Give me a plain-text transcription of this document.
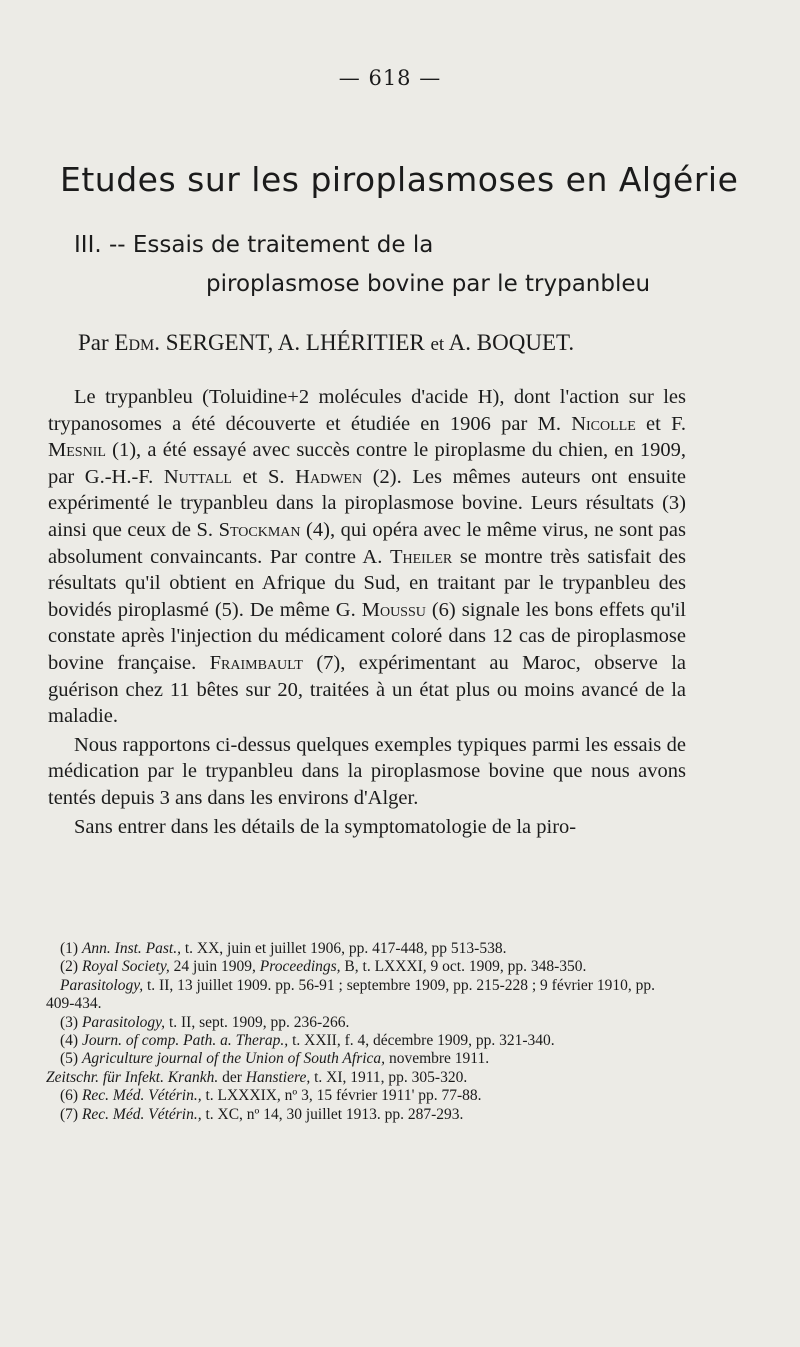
— 618 —
Etudes sur les piroplasmoses en Algérie
III. -- Essais de traitement de la
piroplasmose bovine par le trypanbleu
Par Edm. SERGENT, A. LHÉRITIER et A. BOQUET.

Le trypanbleu (Toluidine+2 molécules d'acide H), dont l'action sur les trypanosomes a été découverte et étudiée en 1906 par M. Nicolle et F. Mesnil (1), a été essayé avec succès contre le piroplasme du chien, en 1909, par G.-H.-F. Nuttall et S. Hadwen (2). Les mêmes auteurs ont ensuite expérimenté le trypanbleu dans la piroplasmose bovine. Leurs résultats (3) ainsi que ceux de S. Stockman (4), qui opéra avec le même virus, ne sont pas absolument convaincants. Par contre A. Theiler se montre très satisfait des résultats qu'il obtient en Afrique du Sud, en traitant par le trypanbleu des bovidés piroplasmé (5). De même G. Moussu (6) signale les bons effets qu'il constate après l'injection du médicament coloré dans 12 cas de piroplasmose bovine française. Fraimbault (7), expérimentant au Maroc, observe la guérison chez 11 bêtes sur 20, traitées à un état plus ou moins avancé de la maladie.

Nous rapportons ci-dessus quelques exemples typiques parmi les essais de médication par le trypanbleu dans la piroplasmose bovine que nous avons tentés depuis 3 ans dans les environs d'Alger.

Sans entrer dans les détails de la symptomatologie de la piro-

(1) Ann. Inst. Past., t. XX, juin et juillet 1906, pp. 417-448, pp 513-538.

(2) Royal Society, 24 juin 1909, Proceedings, B, t. LXXXI, 9 oct. 1909, pp. 348-350.

Parasitology, t. II, 13 juillet 1909. pp. 56-91 ; septembre 1909, pp. 215-228 ; 9 février 1910, pp. 409-434.

(3) Parasitology, t. II, sept. 1909, pp. 236-266.

(4) Journ. of comp. Path. a. Therap., t. XXII, f. 4, décembre 1909, pp. 321-340.

(5) Agriculture journal of the Union of South Africa, novembre 1911.

Zeitschr. für Infekt. Krankh. der Hanstiere, t. XI, 1911, pp. 305-320.

(6) Rec. Méd. Vétérin., t. LXXXIX, nº 3, 15 février 1911' pp. 77-88.

(7) Rec. Méd. Vétérin., t. XC, nº 14, 30 juillet 1913. pp. 287-293.
